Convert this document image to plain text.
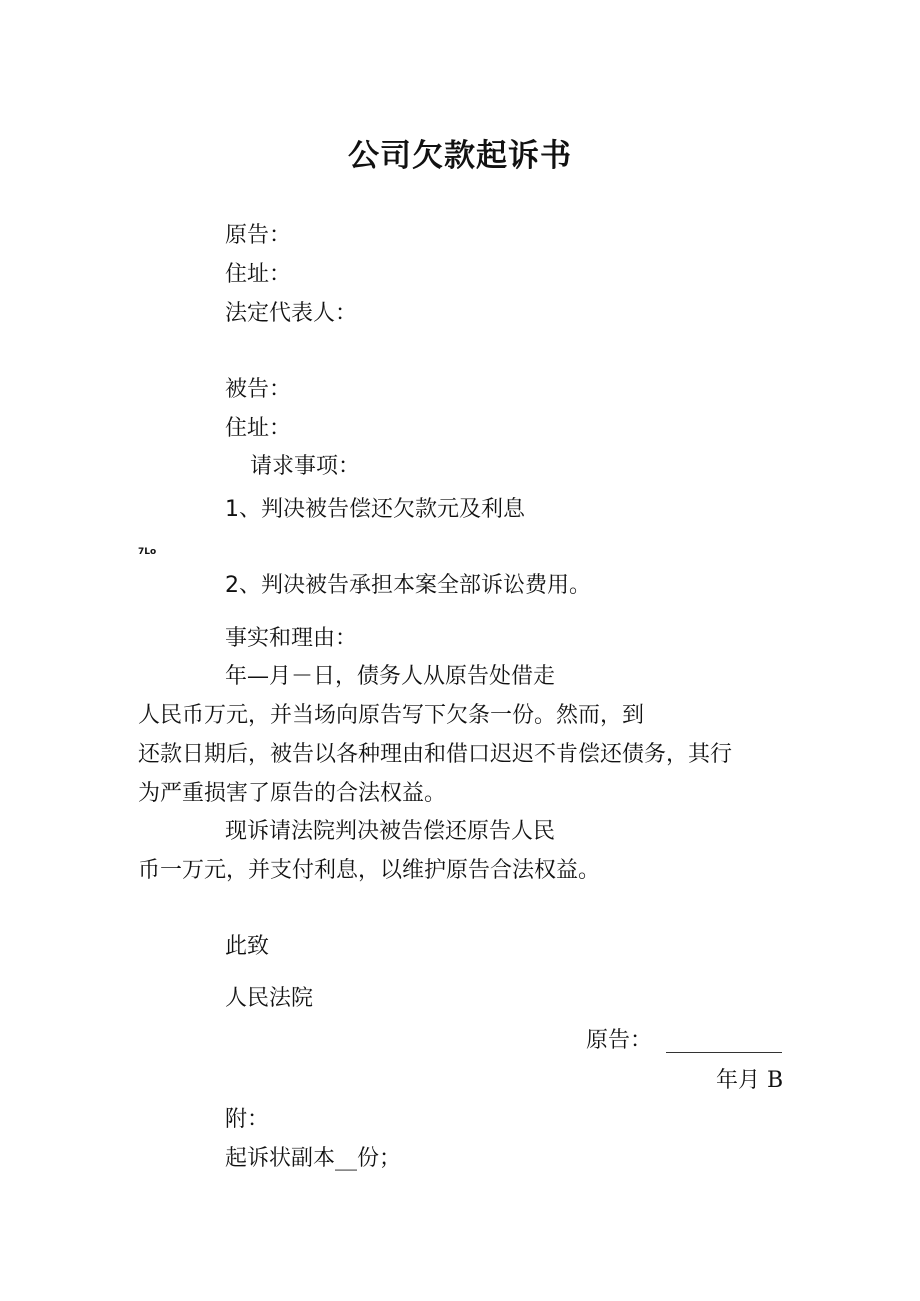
公司欠款起诉书
原告：
住址：
法定代表人：
被告：
住址：
请求事项：
1、判决被告偿还欠款元及利息
7Lo
2、判决被告承担本案全部诉讼费用。
事实和理由：
年—月－日，债务人从原告处借走
人民币万元，并当场向原告写下欠条一份。然而，到
还款日期后，被告以各种理由和借口迟迟不肯偿还债务，其行
为严重损害了原告的合法权益。
现诉请法院判决被告偿还原告人民
币一万元，并支付利息，以维护原告合法权益。
此致
人民法院
原告：
年月 B
附：
起诉状副本__份；
